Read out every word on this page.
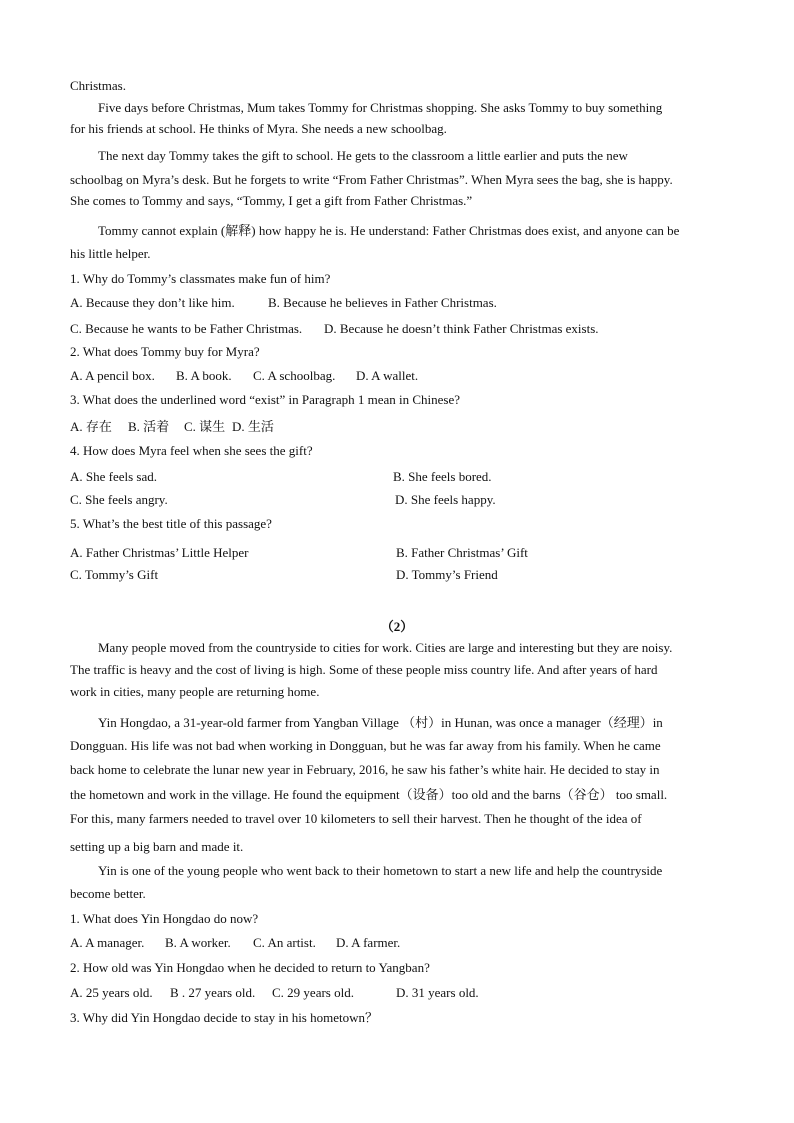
Christmas.
Five days before Christmas, Mum takes Tommy for Christmas shopping. She asks Tommy to buy something
for his friends at school. He thinks of Myra. She needs a new schoolbag.
The next day Tommy takes the gift to school. He gets to the classroom a little earlier and puts the new
schoolbag on Myra’s desk. But he forgets to write “From Father Christmas”. When Myra sees the bag, she is happy.
She comes to Tommy and says, “Tommy, I get a gift from Father Christmas.”
Tommy cannot explain (解释) how happy he is. He understand: Father Christmas does exist, and anyone can be
his little helper.
1. Why do Tommy’s classmates make fun of him?
A. Because they don’t like him.	B. Because he believes in Father Christmas.
C. Because he wants to be Father Christmas. D. Because he doesn’t think Father Christmas exists.
2. What does Tommy buy for Myra?
A. A pencil box. B. A book. C. A schoolbag. D. A wallet.
3. What does the underlined word “exist” in Paragraph 1 mean in Chinese?
A. 存在 B. 活着 C. 谋生 D. 生活
4. How does Myra feel when she sees the gift?
A. She feels sad.	B. She feels bored.
C. She feels angry.	D. She feels happy.
5. What’s the best title of this passage?
A. Father Christmas’ Little Helper	B. Father Christmas’ Gift
C. Tommy’s Gift	D. Tommy’s Friend
（2）
Many people moved from the countryside to cities for work. Cities are large and interesting but they are noisy.
The traffic is heavy and the cost of living is high. Some of these people miss country life. And after years of hard
work in cities, many people are returning home.
Yin Hongdao, a 31-year-old farmer from Yangban Village （村）in Hunan, was once a manager（经理）in
Dongguan. His life was not bad when working in Dongguan, but he was far away from his family. When he came
back home to celebrate the lunar new year in February, 2016, he saw his father’s white hair. He decided to stay in
the hometown and work in the village. He found the equipment（设备）too old and the barns（谷仓） too small.
For this, many farmers needed to travel over 10 kilometers to sell their harvest. Then he thought of the idea of
setting up a big barn and made it.
Yin is one of the young people who went back to their hometown to start a new life and help the countryside
become better.
1. What does Yin Hongdao do now?
A. A manager. B. A worker. C. An artist. D. A farmer.
2. How old was Yin Hongdao when he decided to return to Yangban?
A. 25 years old. B . 27 years old. C. 29 years old.	D. 31 years old.
3. Why did Yin Hongdao decide to stay in his hometown？
